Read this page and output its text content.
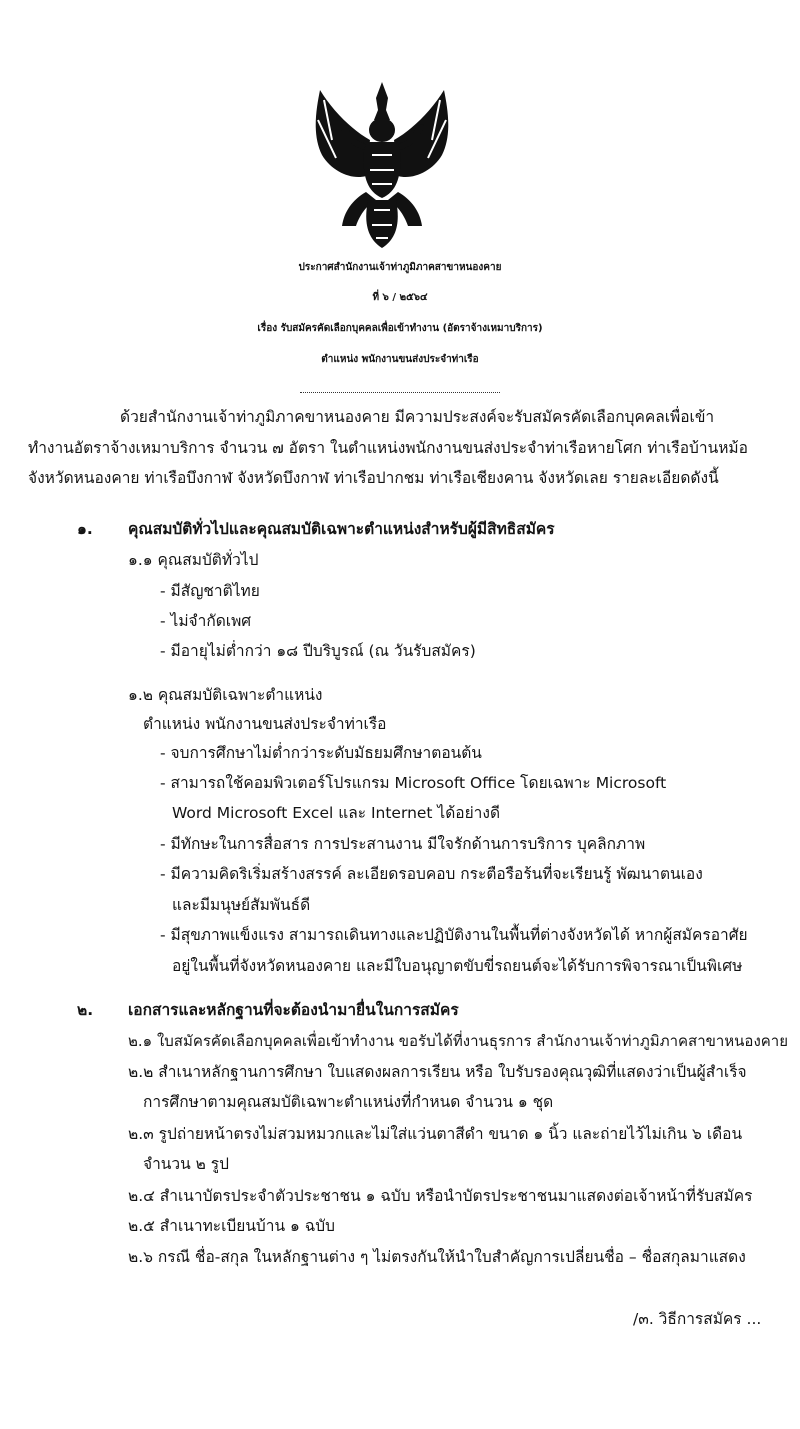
ประกาศสำนักงานเจ้าท่าภูมิภาคสาขาหนองคาย
ที่ ๖ / ๒๕๖๔
เรื่อง รับสมัครคัดเลือกบุคคลเพื่อเข้าทำงาน (อัตราจ้างเหมาบริการ)
ตำแหน่ง พนักงานขนส่งประจำท่าเรือ
ด้วยสำนักงานเจ้าท่าภูมิภาคขาหนองคาย มีความประสงค์จะรับสมัครคัดเลือกบุคคลเพื่อเข้า
ทำงานอัตราจ้างเหมาบริการ จำนวน ๗ อัตรา ในตำแหน่งพนักงานขนส่งประจำท่าเรือหายโศก ท่าเรือบ้านหม้อ
จังหวัดหนองคาย ท่าเรือบึงกาฬ จังหวัดบึงกาฬ ท่าเรือปากชม ท่าเรือเชียงคาน จังหวัดเลย รายละเอียดดังนี้
๑. คุณสมบัติทั่วไปและคุณสมบัติเฉพาะตำแหน่งสำหรับผู้มีสิทธิสมัคร
๑.๑ คุณสมบัติทั่วไป
- มีสัญชาติไทย
- ไม่จำกัดเพศ
- มีอายุไม่ต่ำกว่า ๑๘ ปีบริบูรณ์ (ณ วันรับสมัคร)
๑.๒ คุณสมบัติเฉพาะตำแหน่ง
ตำแหน่ง พนักงานขนส่งประจำท่าเรือ
- จบการศึกษาไม่ต่ำกว่าระดับมัธยมศึกษาตอนต้น
- สามารถใช้คอมพิวเตอร์โปรแกรม Microsoft Office โดยเฉพาะ Microsoft
Word Microsoft Excel และ Internet ได้อย่างดี
- มีทักษะในการสื่อสาร การประสานงาน มีใจรักด้านการบริการ บุคลิกภาพ
- มีความคิดริเริ่มสร้างสรรค์ ละเอียดรอบคอบ กระตือรือร้นที่จะเรียนรู้ พัฒนาตนเอง
และมีมนุษย์สัมพันธ์ดี
- มีสุขภาพแข็งแรง สามารถเดินทางและปฏิบัติงานในพื้นที่ต่างจังหวัดได้ หากผู้สมัครอาศัย
อยู่ในพื้นที่จังหวัดหนองคาย และมีใบอนุญาตขับขี่รถยนต์จะได้รับการพิจารณาเป็นพิเศษ
๒. เอกสารและหลักฐานที่จะต้องนำมายื่นในการสมัคร
๒.๑ ใบสมัครคัดเลือกบุคคลเพื่อเข้าทำงาน ขอรับได้ที่งานธุรการ สำนักงานเจ้าท่าภูมิภาคสาขาหนองคาย
๒.๒ สำเนาหลักฐานการศึกษา ใบแสดงผลการเรียน หรือ ใบรับรองคุณวุฒิที่แสดงว่าเป็นผู้สำเร็จ
การศึกษาตามคุณสมบัติเฉพาะตำแหน่งที่กำหนด จำนวน ๑ ชุด
๒.๓ รูปถ่ายหน้าตรงไม่สวมหมวกและไม่ใส่แว่นตาสีดำ ขนาด ๑ นิ้ว และถ่ายไว้ไม่เกิน ๖ เดือน
จำนวน ๒ รูป
๒.๔ สำเนาบัตรประจำตัวประชาชน ๑ ฉบับ หรือนำบัตรประชาชนมาแสดงต่อเจ้าหน้าที่รับสมัคร
๒.๕ สำเนาทะเบียนบ้าน ๑ ฉบับ
๒.๖ กรณี ชื่อ-สกุล ในหลักฐานต่าง ๆ ไม่ตรงกันให้นำใบสำคัญการเปลี่ยนชื่อ – ชื่อสกุลมาแสดง
/๓. วิธีการสมัคร ...
